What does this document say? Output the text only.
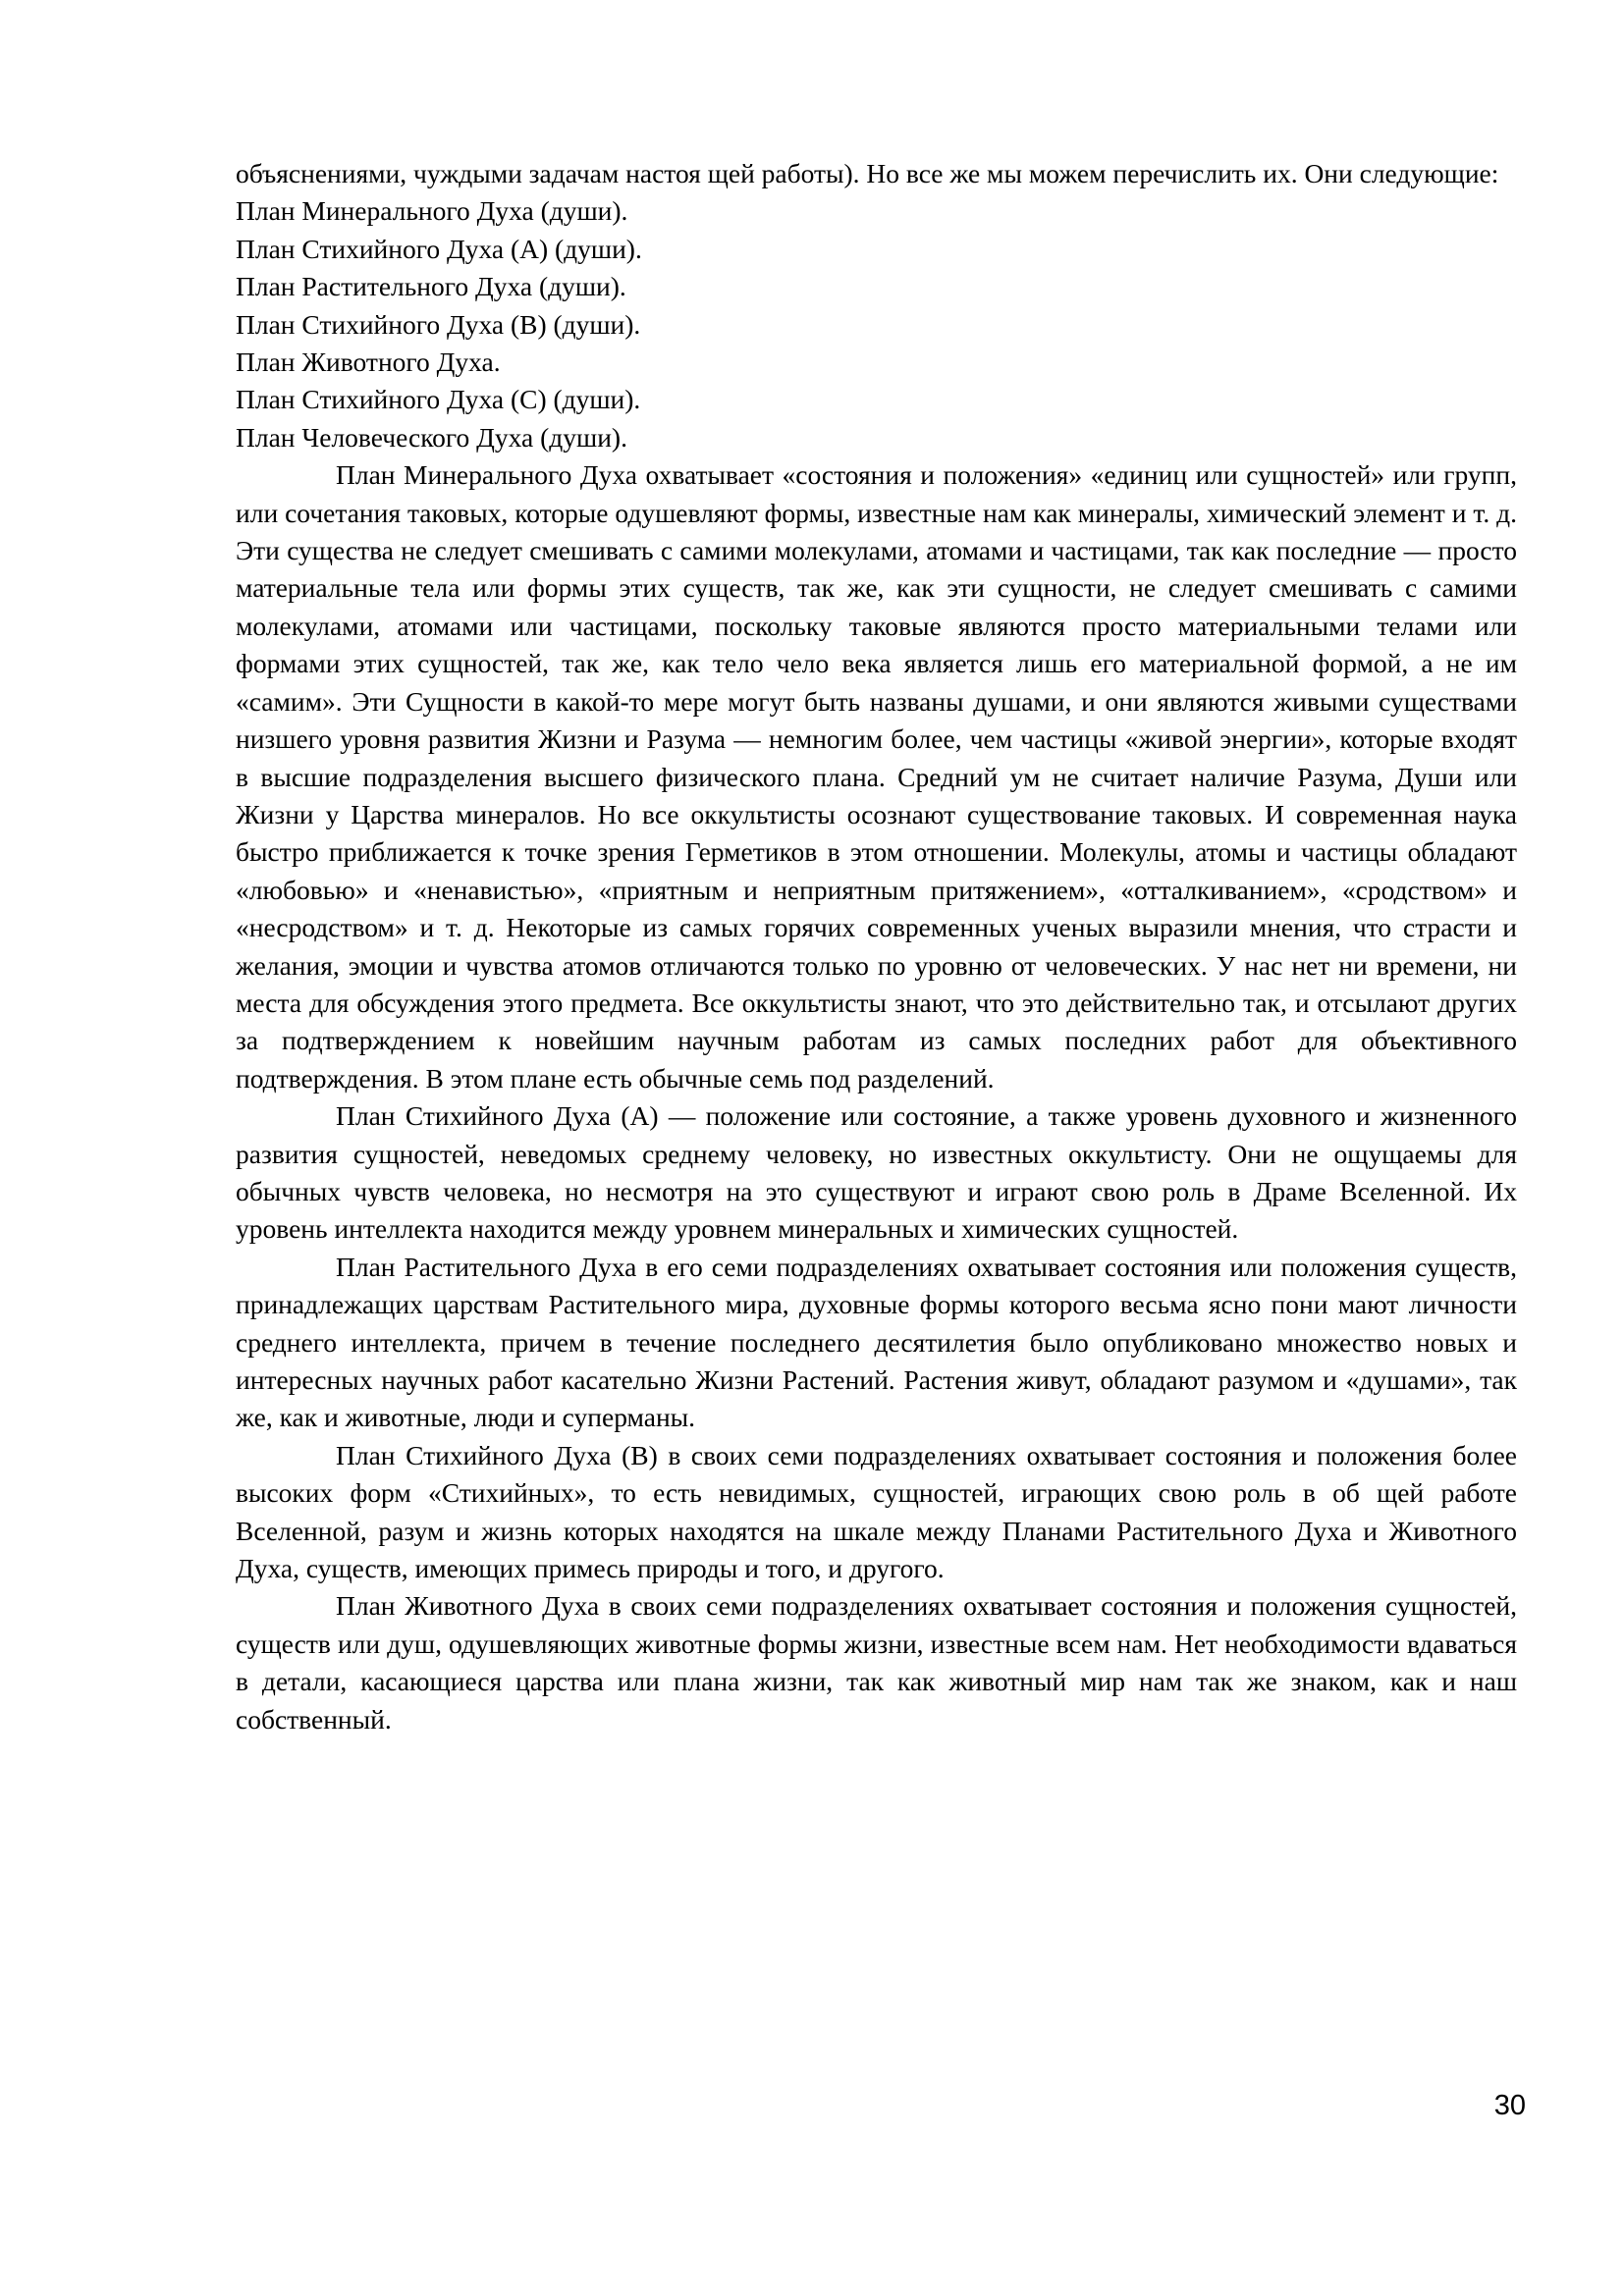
объяснениями, чуждыми задачам настоя щей работы). Но все же мы можем перечислить их. Они следующие:

План Минерального Духа (души).

План Стихийного Духа (А) (души).

План Растительного Духа (души).

План Стихийного Духа (В) (души).

План Животного Духа.

План Стихийного Духа (С) (души).

План Человеческого Духа (души).

План Минерального Духа охватывает «состояния и положения» «единиц или сущностей» или групп, или сочетания таковых, которые одушевляют формы, известные нам как минералы, химический элемент и т. д. Эти существа не следует смешивать с самими молекулами, атомами и частицами, так как последние — просто материальные тела или формы этих существ, так же, как эти сущности, не следует смешивать с самими молекулами, атомами или частицами, поскольку таковые являются просто материальными телами или формами этих сущностей, так же, как тело чело века является лишь его материальной формой, а не им «самим». Эти Сущности в какой-то мере могут быть названы душами, и они являются живыми существами низшего уровня развития Жизни и Разума — немногим более, чем частицы «живой энергии», которые входят в высшие подразделения высшего физического плана. Средний ум не считает наличие Разума, Души или Жизни у Царства минералов. Но все оккультисты осознают существование таковых. И современная наука быстро приближается к точке зрения Герметиков в этом отношении. Молекулы, атомы и частицы обладают «любовью» и «ненавистью», «приятным и неприятным притяжением», «отталкиванием», «сродством» и «несродством» и т. д. Некоторые из самых горячих современных ученых выразили мнения, что страсти и желания, эмоции и чувства атомов отличаются только по уровню от человеческих. У нас нет ни времени, ни места для обсуждения этого предмета. Все оккультисты знают, что это действительно так, и отсылают других за подтверждением к новейшим научным работам из самых последних работ для объективного подтверждения. В этом плане есть обычные семь под разделений.

План Стихийного Духа (А) — положение или состояние, а также уровень духовного и жизненного развития сущностей, неведомых среднему человеку, но известных оккультисту. Они не ощущаемы для обычных чувств человека, но несмотря на это существуют и играют свою роль в Драме Вселенной. Их уровень интеллекта находится между уровнем минеральных и химических сущностей.

План Растительного Духа в его семи подразделениях охватывает состояния или положения существ, принадлежащих царствам Растительного мира, духовные формы которого весьма ясно пони мают личности среднего интеллекта, причем в течение последнего десятилетия было опубликовано множество новых и интересных научных работ касательно Жизни Растений. Растения живут, обладают разумом и «душами», так же, как и животные, люди и суперманы.

План Стихийного Духа (В) в своих семи подразделениях охватывает состояния и положения более высоких форм «Стихийных», то есть невидимых, сущностей, играющих свою роль в об щей работе Вселенной, разум и жизнь которых находятся на шкале между Планами Растительного Духа и Животного Духа, существ, имеющих примесь природы и того, и другого.

План Животного Духа в своих семи подразделениях охватывает состояния и положения сущностей, существ или душ, одушевляющих животные формы жизни, известные всем нам. Нет необходимости вдаваться в детали, касающиеся царства или плана жизни, так как животный мир нам так же знаком, как и наш собственный.

30
